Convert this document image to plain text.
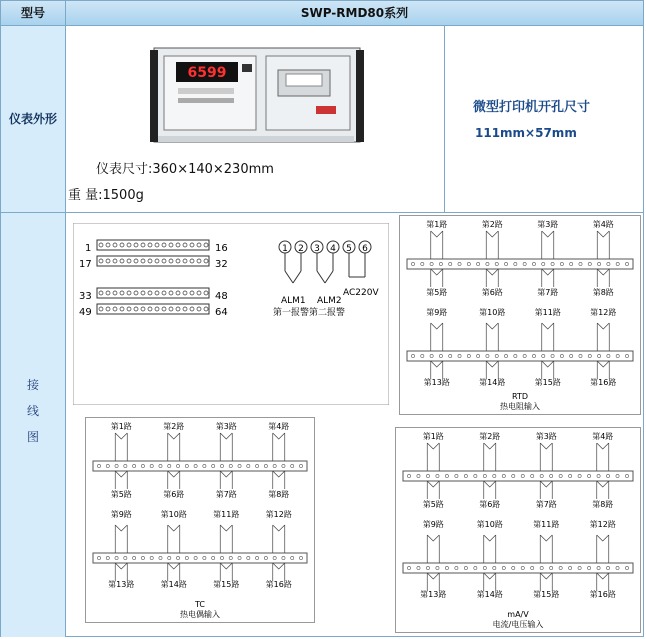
型号	SWP-RMD80系列
仪表外形
6599
仪表尺寸:360×140×230mm
重 量:1500g
微型打印机开孔尺寸
111mm×57mm
接
线
图
1	16
17	32
33	48
49	64
1 2 3 4 5 6
ALM1 ALM2
AC220V
第一报警第二报警
第1路	第2路	第3路	第4路
第5路	第6路	第7路	第8路
第9路	第10路	第11路	第12路
第13路	第14路	第15路	第16路
RTD
热电阻输入
第1路	第2路	第3路	第4路
第5路	第6路	第7路	第8路
第9路	第10路	第11路	第12路
第13路	第14路	第15路	第16路
TC
热电偶输入
第1路	第2路	第3路	第4路
第5路	第6路	第7路	第8路
第9路	第10路	第11路	第12路
第13路	第14路	第15路	第16路
mA/V
电流/电压输入
